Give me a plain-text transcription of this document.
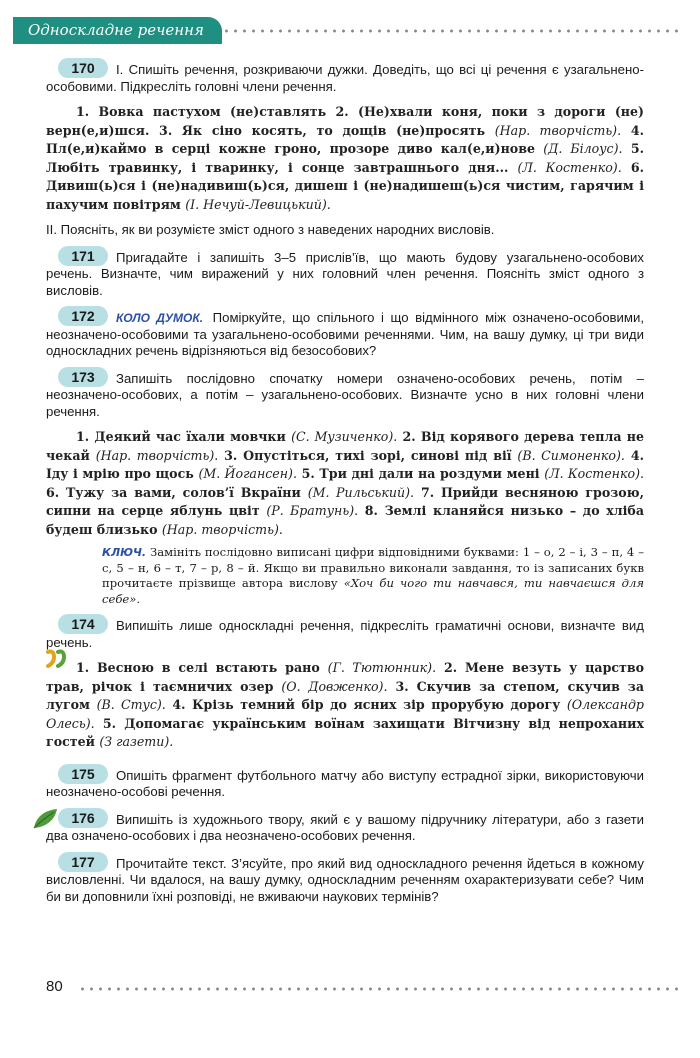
Односкладне речення

170 І. Спишіть речення, розкриваючи дужки. Доведіть, що всі ці речення є узагальнено-особовими. Підкресліть головні члени речення.

1. Вовка пастухом (не)ставлять 2. (Не)хвали коня, поки з дороги (не) верн(е,и)шся. 3. Як сіно косять, то дощів (не)просять (Нар. творчість). 4. Пл(е,и)каймо в серці кожне гроно, прозоре диво кал(е,и)нове (Д. Білоус). 5. Любіть травинку, і тваринку, і сонце завтрашнього дня... (Л. Костенко). 6. Дивиш(ь)ся і (не)надивиш(ь)ся, дишеш і (не)надишеш(ь)ся чистим, гарячим і пахучим повітрям (І. Нечуй-Левицький).

ІІ. Поясніть, як ви розумієте зміст одного з наведених народних висловів.

171 Пригадайте і запишіть 3–5 прислів’їв, що мають будову узагальнено-особових речень. Визначте, чим виражений у них головний член речення. Поясніть зміст одного з висловів.

172 КОЛО ДУМОК. Поміркуйте, що спільного і що відмінного між означено-особовими, неозначено-особовими та узагальнено-особовими реченнями. Чим, на вашу думку, ці три види односкладних речень відрізняються від безособових?

173 Запишіть послідовно спочатку номери означено-особових речень, потім – неозначено-особових, а потім – узагальнено-особових. Визначте усно в них головні члени речення.

1. Деякий час їхали мовчки (С. Музиченко). 2. Від корявого дерева тепла не чекай (Нар. творчість). 3. Опустіться, тихі зорі, синові під вії (В. Симоненко). 4. Іду і мрію про щось (М. Йогансен). 5. Три дні дали на роздуми мені (Л. Костенко). 6. Тужу за вами, солов’ї Вкраїни (М. Рильський). 7. Прийди весняною грозою, сипни на серце яблунь цвіт (Р. Братунь). 8. Землі кланяйся низько – до хліба будеш близько (Нар. творчість).

КЛЮЧ. Замініть послідовно виписані цифри відповідними буквами: 1 – о, 2 – і, 3 – п, 4 – с, 5 – н, 6 – т, 7 – р, 8 – й. Якщо ви правильно виконали завдання, то із записаних букв прочитаєте прізвище автора вислову «Хоч би чого ти навчався, ти навчаєшся для себе».

174 Випишіть лише односкладні речення, підкресліть граматичні основи, визначте вид речень.

1. Весною в селі встають рано (Г. Тютюнник). 2. Мене везуть у царство трав, річок і таємничих озер (О. Довженко). 3. Скучив за степом, скучив за лугом (В. Стус). 4. Крізь темний бір до ясних зір прорубую дорогу (Олександр Олесь). 5. Допомагає українським воїнам захищати Вітчизну від непроханих гостей (З газети).

175 Опишіть фрагмент футбольного матчу або виступу естрадної зірки, використовуючи неозначено-особові речення.

176 Випишіть із художнього твору, який є у вашому підручнику літератури, або з газети два означено-особових і два неозначено-особових речення.

177 Прочитайте текст. З’ясуйте, про який вид односкладного речення йдеться в кожному висловленні. Чи вдалося, на вашу думку, односкладним реченням охарактеризувати себе? Чим би ви доповнили їхні розповіді, не вживаючи наукових термінів?

80
